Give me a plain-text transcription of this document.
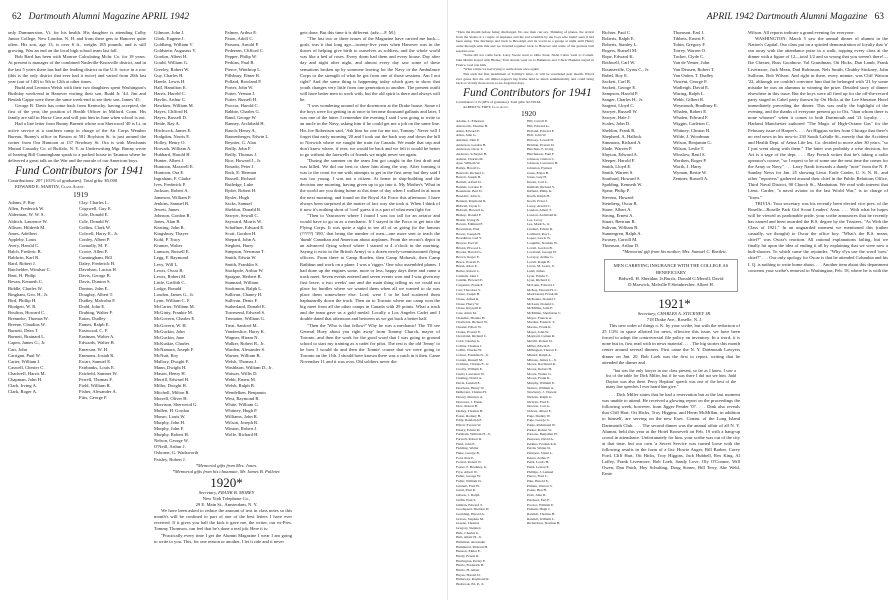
62 Dartmouth Alumni Magazine APRIL 1942

only Dummerston, Vt. for his health. His daughter is attending Colby Junior College, New London, N. H. and from there gets to Hanover quite often. His son, age 13, is over 6 ft., weighs 185 pounds, and is still growing. Was an end on the local high school team last fall.

Bob Bard has been with Monroe Calculating Mchr. Co. for 18 years. At present is manager of the combined Nashville-Knoxville district, and in the last 5 years there has had the leading district in the U.S. twice in a row (this is the only district that ever had it twice) and varied from 20th last year (out of 140) to 5th to 12th at other times.

Budd and Leonora Welsh with their two daughters spent Washington's Birthday week-end in Hanover visiting their son, Budd Jr. '44. Jim and Beulah Cappe were there the same week-end to see their son, James '45.

George B. Davis has come back from Kentucky, having accepted, the first of the year, the position of Health Officer in Milford, Conn. His family are still in Horse Cave and will join him in June when school is out.

Had a line letter from Bunny Burnett whose son Sherwood '40 is Lt. in active service at a southern camp in charge of the Air Corps Weather Bureau. Bunny's office in Boston at 581 Boylston St. is just around the corner from Ora Huntoon at 137 Newbury St. Ora is with Merchants Mutual Casualty Co. of Buffalo, N. Y. as Underwriting Mgr. Bunny wrote of hearing Bill Cunningham speak to a packed house in Taunton where he delivered a great talk on the War and the morale of our American boys.

Fund Contributors for 1941

Contributions: 207 (101% of graduates). Total gifts: $5,000.

EDWARD E. MARTIN, Class Agent.

1919

Adams, F. Ray
Allen, Frederick W.
Alderman, W. W. S.
Aldrich, Laurence W.
Allison, Hildreth M.
Ames, Adelbert
Appleby, Louis
Avery, Harold C.
Balch, Frederic B.
Baldwin, Karl B.
Bard, Robert J.
Batchelder, Windsor C.
Bent, H. Philip
Bevan, Kenneth C.
Biddle, Charles W.
Bingham, Geo. H., Jr.
Bird, Phillip H.
Blodgett, W. R.
Boulton, Howard C.
Brenneke, Thomas W.
Breene, Claudius W.
Burnett, Dean T.
Burnett, Brainard L.
Capen, James G., Jr.
Carr, John
Carrigan, Paul W.
Carter, William J.
Caswell, Chester C.
Chadwell, Harris M.
Chapman, John H.
Clark, Irving A.
Clark, Roger A.
Clay, Charles L.
Cogswell, Guy E.
Cole, Donald E.
Cole, Donald W.
Collins, Clark W.
Colwell, Harry E., Jr.
Conley, Albert P.
Connolly, M. F.
Crowe, Allen F.
Cunningham, Bill
Daley, Frederick H.
Davidson, Lucius H.
Davis, George B.
Davis, Dunton S.
Denton, John E.
Doughty, Albert T.
Dudley, Malcolm F.
Dodd, John E.
Drabing, Walter F.
Eaton, Dudley
Eames, Ralph E.
Eastwood, C. F.
Eastman, Walter A.
Edwards, Walter B.
Emerson, W. H.
Emmons, Josiah R.
Ewart, Samuel E.
Fairbanks, Louis E.
Fairfield, Sumner W.
Ferrell, Thomas F.
Field, William R.
Fisher, Alexander A.
Fitts, George F.
Gilmore, John J.
Gloth, Eugene J.
Goldberg, William V.
Goldstein, Augustus V.
Gordon, Albert H.
Gould, William G.
Greeley, Robert W.
Guy, Charles H.
Haerle, Lewis H.
Hall, Hamilton E.
Harris, Harold C.
Havlin, Arthur C.
Hawkins, William M.
Hayes, Clifford H.
Hayes, Russell D.
Heide, Ray A.
Hitchcock, James E.
Hodgdon, Norris E.
Holley, Henry O.
Horvath, William A.
Hubbard, Harold H.
Hunter, Albert J.
Huntoon, Maxwell E.
Huntoon, Ora E.
Ingraham, F. Clarke
Ives, Frederick P.
Jackson, Robert A.
Jameson, William P.
Jenkins, Samuel B.
Jewett, James
Johnson, Gordon R.
Jones, Alan B.
Keating, John R.
Kingsbury, Thayer
Kohl, P. Tracy
Kramer, Walter
Lamson, Russell E.
Legg, F. Raymond
Levy, Will L.
Lewis, Oscar B.
Lewis, Robert M.
Little, Griffith C.
Lodge, Ronald
Loudon, James G., Jr.
Lynn, William C. F.
McCarter, William M.
McGinty, Frankie M.
McGovern, Charles E.
McGovern, W. H.
McGuckin, John
McGuckin, Jane
McKuskie, Charles
McNamara, Joseph F.
McNutt, Roy
Mallory, Dwight F.
Mann, Dwight H.
Mason, Henry H.
Merrill, Edward H.
Miller, Dwight H.
Mitchell, Milton R.
Morrell, Oliver H.
Morrison, Sherwood G.
Mullen, H. Gordon
Munro, Louis W.
Murphy, John H.
Murphy, John F.
Murphy, Robert H.
Nelson, George W.
O'Neill, Arthur J.
Osborne, G. Wadsworth
Paisley, Robert J.
Palmer, Arthur E.
Paton, Adolf C.
Parsons, Arnold P.
Pedersen, Clifford C.
Pepper, Philip W.
Perkins, Paul B.
Pierce, Winthrop L.
Pillsbury, Elmer R.
Pollard, Rowland P.
Porter, John W.
Potter, Vernon J.
Potter, Russell H.
Proctor, Harold C.
Rabbie, Charles G.
Rand, George W.
Ranney, Archibald H.
Rauch, Henry A.
Rausenberger, Edwin L.
Reynier, G. Alan
Reilly, John F.
Reilly, Thomas J.
Rice, Howard J., Jr.
Rosado, Peter J.
Roth, E. Herman
Russell, Richard
Rutledge, Luke
Ryder, Robert H.
Rysler, Hugh
Sacks, Samuel
Sheldon, Donald R.
Sawyer, Sewall C.
Sayward, Morris W.
Schaffner, Edward E.
Scott, Gordon H.
Shepard, John A.
Siegbert, Harry
Simpson, Newman T.
Smith, Edwin W.
Smith, Franklin S.
Stackpole, Arthur W.
Sprague, Herbert B.
Stannard, William
Stodomon, Ralph L.
Sullivan, Chaney H.
Sullivan, Denis F.
Sutherland, Donald E.
Townsend, Edward S.
Tremaine, William G.
Treat, Sanford M.
Vanderslice, Harry K.
Wagner, Hiram N.
Walker, Robert B., Jr.
Warden, Alexander S.
Warner, William B.
Welsh, Thomas J.
Washburn, William D., Jr.
Watson, Willis D.
Webb, Ernest M.
Welsh, Ralph B.
Wendelken, Benjamin
West, Raymond R.
White, William G.
Whitney, Hugh P.
Williams, John R.
Wilson, Joseph B.
Winton, Robert J.
Wolfe, Richard H.

*Memorial gifts from Mrs. Jones.

*Memorial gifts from his classmate, Mr. James B. Palleter.

1920*

Secretary, FRANK B. MOREY

New York Telephone Co.,

29 E. Main St., Amsterdam, N. Y.

We have been asked to reduce the amount of text in class notes so this month's will be confined to part of one of the best letters I have ever received. If it gives you half the kick it gave me, the writer, our ex-Pres. Tommy Thomson, can feel that he's done a real job. Here it is:

"Practically every time I get the Alumni Magazine I wear I am going to write to you. This, for one reason or another, I let it ride and it never

gets done. But this time it is different. (adv.—F. M.)

"The last two or three issues of the Magazine have carried me back—gosh, was it that long ago—twenty-five years when Hanover was in the throes of helping give birth to ourselves as soldiers, and the whole world was like a bed of roses. Every dorm had them and every house. Day after day and night after night, and almost every day saw some of these sensations broken up by someone leaving for the Navy or the Ambulance Corps or the strength of what he got from one of those sessions. Am I not right? And the same thing is happening today which goes to show that youth changes very little from one generation to another. The present outfit will have better men to work with, but the old spirit is there and always will be.

"I was wondering around of the downtown at the Drake house. Some of the boys were for getting in at once to become thousand gallants and later, I was one of the latter. I remember the evening I said I was going to write to an uncle in the Navy, asking him if he could get me a job on the same line. His Joe Robertson said, 'Ask him for one for me too, Tommy.' Never will I forget that early morning '20 and I took out the back way and down the hill to Norwich where we caught the train for Canada. We made that trip and don't know where, if ever, we would be back and we felt it would be better to go without the farewells of friends we might never see again.

"During the summer on the team Jim got caught in the first draft and was killed. We did our best to cheer him along the way. After forming it was to the coast for me with attempts to get in the first army but they said I was too young. I was not a citizen. At home in ship-building and the decision one morning, having given up to go into it. My Mother's 'What in the world are you doing home at this time of day when I walked in at noon the next morning, and found on the Royal Air Force this afternoon. I have always been surprised at the matter of fact way she took it. When I think of it now it's nothing short of 'cool' guess it is a part of what men fight for.

"Then to Vancouver where I found I was too tall for an aviator and would have to go in as a mechanic. If I stayed in the Force to get into the Flying Corps. It was quite a sight to see all of us going (to the famous (?????) '390,' that being the number of men—one more sent to teach the 'dumb' Canadian and American about airplanes. From the recruit's depot in an advanced flying school where I started at 4 o'clock in the morning. Saying it exist in the British Army) to a dozen newly-commissioned flying officers. From there to Camp Borden, then Camp Mohawk, then Camp Rathbun and work on a plane. I was a 'rigger.' One who assembled planes. I had done up the engines some, more or less, happy days there and came a track meet. Seven events entered and seven events won and I was given my first leave, a two weeks' one and the main thing telling us we could not place for hurdles where we wanted them when all we wanted to do was place them somewhere else. Lord, were I to be had scattered them haphazardly down the track. Then on to Toronto where our camp won the big meet from all the other camps in Canada with 29 points. What a track and the team gave us a gold medal. Locally a Los Angeles Cadet and I double dated that afternoon and between us we got back a better half.

"Then the 'Who is that fellow?' Why he was a mechanic! The 'I'll see General Hoey about you right away' from Tommy Church, mayor of Toronto, and then the work for the good word that I was going to ground school to start my training as a cadet for pilot. The rest is the old 'Jenny' to be how I would do and then the 'Jonnie' course that we were going to Toronto on the 11th. I should have known there was a catch in it then. Came November 11 and it was over. Old soldiers never die.

APRIL 1942 Dartmouth Alumni Magazine 63

"Then the month before being discharged. No one man can say. Thinking of planes, the arrival from the States of a couple of airplanes and the sad scramble by the boys who hadn't seen it had been using. The discharge and back to Brooklyn and its world as a garage at night until Henry came through with this and we traveled together back to Hanover and some of the greatest bull sessions ever.

"Some did not come back. Larry Swole went to Ohio State, Nicki Carter went to Cornell. Jake Martin stayed with Bisbee; Tom Aurant went on to Baltimore and 'Chick' Hopkins stayed in France. God rest him.

"What a time we had trying to settle down once again!

This ends the first installment of Tommy's letter—it will be concluded next month. Who'd ever guess that the old timber-topper's hip frame held so much sentimentality and could bring back so vividly those never-to-be-forgotten days.

Fund Contributors for 1941

Contributors: 215 (98% of graduates). Total gifts: $2,558.84.

ALBERT W. FREY, Class Agent.

1920

Adams, L. Emerson
Ainsworth, Thomas H.
Allen, Edward E.
Allen, John G.
Amsden, John P.
Anderson, Gordon H.
Anderson, Oscar T.
Andrews, Schuyler H.
Ashton, Charles M.
Ayer, William W.
Bailey, Harold G.
Bancroft, Richard C.
Barrett, Joseph B.
Bartlett, Alfred D.
Bartlett, Gordon E.
Beaumont, Bert D.
Benedict, John G.
Bennett, Raymond R.
Bidwell, Clyde C.
Bidwell, Howard G.
Bishop, Donald F.
Blakie, Irving B.
Bowen, Edmund F.
Bowerman, Paul
Bower, Joseph H.
Boardman, Carl S.
Brewer, Earl W.
Bristol, Elwood L.
Brooks, Harold G.
Brown, Roger E.
Bruce, Everett E.
Brush, Allen E.
Butler, Robert C.
Canham, John J.
Cantlin, Howard E.
Carpenter, Frank E.
Carr, Theodore S.
Carter, Joseph B.
Chase, Alfred R.
Chase, Harry W.
Chase, Reynold P.
Cate, Allen M.
Chandler, Horatio H.
Chadwick, Richard W.
Chester, Elliott W.
Clarke, Everett E.
Cleveland, Richard C.
Cobb, Charles G.
Collins, Thomas J.
Coffin, Charles H.
Colson, Franklin N., Jr.
Conant, Russell M.
Crathern, Charles F., Jr.
Crosby, William E.
Curtis, Lawrence W.
Cushing, David A.
Davis, Lendall E.
Dearborn, Henry W.
DeRevere, Charles H.
Dewey, Maurice A.
Donovan, J. Frank
Dow, Robert B.
Dudley, Thomas B.
Eaton, Rodney H.
Eddy, Randolph E.
Elliott, Everett W.
Emery, Edwin D.
Farnham, William H., Jr.
Farwell, Robert R.
Field, John E.
Fielding, Walter
Fiske, George B.
Ford, Pete E.
Forrest, Robert N.
Foster, F. Bradeley, Jr.
Frye, Albert W.
Fuller, George W.
Fuller, William D.
Gannett, Fred H.
Gault, Paul R.
Gibson, J. Ralph
Giffin, Paul S.
Gilman, Edward T.
Goodspeed, Sheldon D.
Goulding, Harold A.
Graves, Stephen M.
Greene, Thomas
Gregory, Stephen
Hale, Charles G.
Hall, Albert H., Jr.
Hamilton, Alexander
Hammond, Richard H.
Hanson, Elmer E.
Hardy, Ernest R.
Harrington, Perley E.
Harris, Frederick B.
Harris, H. Albert
Hayes, Harold D.
Hatheway, Raymond R.
Hasbrook, Ed. P., Jr.
Hill, Carroll E.
Hill, Edward G.
Holland, Edward E.
Holt, John W.
Hoboey, Lowell H.
Holman, Everett D.
Hutchins, F. Irving
Hutchinson, Paul F.
Johnson, Clinton C.
Johnson, Lawrence H.
Johnston, Eyrnest
Jones, Edgar B.
Jones, Guy H.
Keeler, Carl C.
Kimball, Richard S.
Kitfield, Philip K.
Koelb, Ralph H.
Koelb, Ernst J.
Lacey, Arnold C.
Landon, Albert T.
Lawton, Archibald R.
Lee, Leroy
Lee, Mark S., Jr.
Lindner, Edwin R.
Lombard, Roy L.
Lopez, Lewis W.
Loughlin, Norman W.
Lovell, Gordon B.
Loveland, George H.
Lovejoy, Arthur G.
Lovell, Ralph B.
Lucas, M. Grant, Jr.
Lund, James
Lyon, Edwin T.
Lyon, Richard C.
McCann, Edward J.
McKay, Donald H. C.
MacDonald, Frank M.
McKenna, Donald J.
McLean, Donald C.
McMillan, John E.
McMillan, Sherburne C.
Mayer, Francis A.
Marden, Frederic T.
Marcus, Frank R.
Mayer, John W.
Maynard, Lyman R.
Merrill, Robert D.
Miller, Edwin E.
Millington, Theron E.
Minard, Ralph A.
Minous, James L., Jr.
Moore, Raymond R.
Moore, Robert H.
Moore, Walter G.
Moore, Frank R.
Murphy, William E.
Nelson, William A.
Newberry, J. Vincent
Nichols, Ralph G.
Nichols, Fred F.
Newton, Carl G.
Osborn, Albert E.
Page, Dudley W.
Page, George G.
Paige, Richmond W.
Parker, Robert W.
Parsons, Benjamin H.
Pearsons, David A.
Perkins, Frederick K.
Perrin, Walter D.
Peterson, Stuart L.
Peters, Arthur F.
Pettit, Lewis H.
Pettit, Leston E.
Phillips, J. Lemuel
Pierce, Fred C.
Pike, Harold E.
Pitman, Warren S.
Potter, Ben H.
Pratt, John R.
Prichard, Earl E.
Proctor, William E.
Putnam, Hugh J.
Randall, Thomas H.
Randall, William L.
Richardson, Norman B.
Richter, Paul C.
Roberts, Ralph E.
Roberts, Stanley L.
Rogers, Russell M.
Rope, Edward K.
Rothwell, Carl W.
Rounseville, Cyrus C., Jr.
Rubel, Roy E.
Sackett, Carl R.
Sackett, George E.
Sampson, Harold P.
Sanger, Charles H., Jr.
Sargent, Lloyd C.
Sawyer, Russell W.
Sawyer, Hale J.
Scales, John D.
Sheldon, Frank R.
Shepherd, A. Hallock
Simmons, Richard A.
Slade, Warren P.
Slayton, Edward A.
Sleeper, Harold F.
Smith, Lloyd E.
Smith, Warren S.
Southard, Howard S.
Spalding, Kenneth W.
Spear, Philip P.
Stevens, Howard
Steinberg, Oscar R.
Stone, Albert A.
Strong, Ernest A.
Stuart, Bertram B.
Sulivan, William R.
Sunnergren, Ralph A.
Swasey, Carroll M.
Thomson, Arthur D.
Thomson, Earl J.
Tibbets, Ernest F.
Tobin, Gregory F.
Torrey, Warren O.
Tucker, Clyde C.
Van de Venter, John
Van Deusen, Robert T.
Van Orden, T. Dudley
Vincent, George F.
Wadleigh, David E.
Waring, Ralph L.
Webb, Gilbert R.
Weymouth, Bradbury E.
Whalen, Robert E.
Whalen, Edward F.
Wiggin, Carleton C.
Whitney, Clinton H.
Wilde, J. Woodman
Wilson, Benjamin G.
Wilson, Leslie T.
Winslow, Basil S.
Worthen, Roger P.
Worth, J. Harry
Wyman, Bertie W.
Zentner, Russell A.

*Memorial gift from his mother, Mrs. Samuel C. Bartlett.

MEN CARRYING INSURANCE WITH THE COLLEGE AS BENEFICIARY

Bidwell, H. Sheridan, Jr.Burris, Donald G.Merrill, David D.Marwick, Melville F.Steinbrecher, Albert H.

1921*

Secretary, CHARLES A. STICKNEY JR.

718 Drake Ave., Roselle, N. J.

This new order of things o. K. by your scribe, but with the reduction of 25 1/2% in space allotted for news, effective this issue, we have been forced to adopt the controversial file policy on inventory. In a word, it is none but in, first read with in news material. . . . The big stories this month center around several dinners. First came the N. Y. Dartmouth Lawyers dinner on Jan. 20. Bob Loeb was the first to report, writing that he attended the dinner and

"but was the only lawyer in our class present, so far as I know. I saw a list of the table for Dick Miller, but if he was there I did not see him. Judd Dayton was also there. Percy Hopkins' speech was one of the best of the many fine speeches I ever heard him give."

. . . Dick Miller states that he had a reservation but at the last moment was unable to attend. He received a glowing report on the proceedings the following week, however, from Jigger Pender '07. . . . Dink also reveals that Cliff Hart, Ott Hicks, Troy Higgins, and Herm McMillan, in addition to himself, are serving on the new Exec. Comm. of the Long Island Dartmouth Club. . . . The second dinner was the annual affair of all N. Y. Alumni, held this year at the Hotel Roosevelt on Feb. 19 with a bang-up crowd in attendance. Unfortunately for him, your scribe was out of the city at that time, but our own 'a Secret Service was turned loose with the following results in the form of a list: Howie Auger, Bill Barber, Corey Ford, Cliff Hart, Ott Hicks, Troy Higgins, Jack Hubbell, Rex King, Al Laffey, Frank Livermore, Bob Loeb, Sandy Love, Oly O'Connor, Will Owen, Dan Patch, Hoy Schulting, Doug Stoner, Bill Terry, Abe Weld, Ernie

Wilson. All reports indicate a grand evening for everyone.

WASHINGTON: March 5 saw the annual dinner of alumni in the Nation's Capital. Our class put on a spirited demonstration of loyalty that 'n' ran away with the attendance prize in a walk, topping every class at the dinner with a figure of 12—total 1/2 and so wrong that you weren't there!—Ike Chester, Russ Goodnow, Val Grundman, Ott Hicks, Dan Lamb, Frank Livermore, Jack Mean, Dud Robinson, Nels Smith, Chubby Stickney, John Sullivan, Bob Wilson. And right in there, every minute, was Cliff Watson '22, although we couldn't convince him that he belonged with '21 by some mistake he was an alumnus to winning the prize. Detailed story of dinner elsewhere in this issue. But the boys were all fired up for the off-the-record party staged in Cahel party thrown by Ott Hicks at the Lee Sheraton Hotel immediately preceding the dinner. This was really the highlight of the evening, and the thanks of everyone present go to Ott, "than whom there is none whomer" when it comes to both Dartmouth and '21 loyalty. . . . Harland Manchester authored "The Magic of High-Octane Gas" for the February issue of Harper's. . . . Art Higgins writes from Chicago that there's no real news in his now-to 230 South LaSalle St., merely that the Accident and Health Dept. of Aetna Life Ins. Co. decided to move after 30 years, "so I just went along with them." The latter was probably a wise decision, for Art is a sage of the dept. . . . Ray French writes that he's taking a radio operator's course, "so I expect to be of some use the next time the comes for the Army or Navy." . . . Larry Nardi forwards a dandy "note" from the N. F. Sunday News for Jan. 25 showing Lieut. Earle Carder, U. S. N. R., and other "reporters" gathered around their chief in the Public Relations Office, Third Naval District, 90 Church St., Manhattan. We read with interest that Lieut. Carder, "a naval aviator in the last World War," is in charge of "from."

TRIVIA: Your secretary was his recently been elected vice pres. of the Roselle—Roselle Park Girl Scout Leaders' Assn. . . . With what he hopes will be viewed as pardonable pride, your scribe announces that he recently has earned and been awarded the B.S. degree by the Trustees, "As With the Class of 1921." In an unguarded moment we mentioned this (rather casually, we thought) to Oscar the office boy. "What's the B.S. mean, chief?" was Oscar's reaction. All rational explanations failing, but we finally hit upon the idea of ending it all by explaining that we were now a bull-shooter. To which came the rejoinder, "Why d'ya use the word 'now,' chief?" . . . Our only apology for Oscar is that he attended Columbia and his I. Q. is nothing to write home about. . . . Another item about this department concerns your scribe's removal to Washington, Feb. 18, where he is with the
